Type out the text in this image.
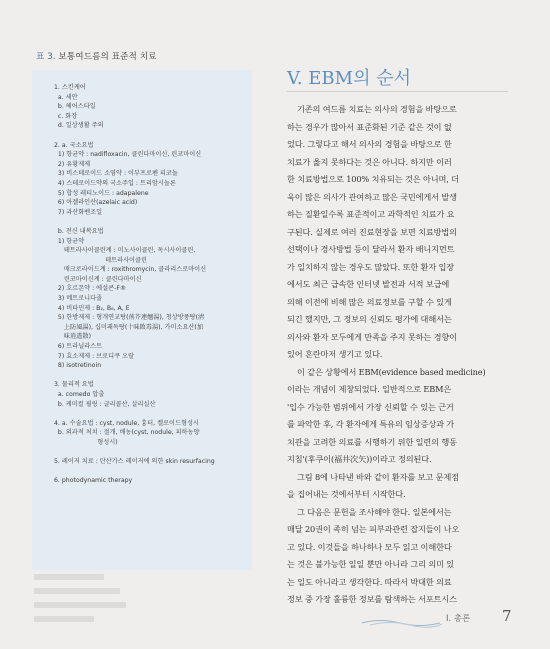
표 3. 보통여드름의 표준적 치료
1. 스킨케어
a. 세안
b. 헤어스타일
c. 화장
d. 일상생활 주의
2. a. 국소요법
1) 항균약 : nadifloxacin, 클린다마이신, 린코마이신
2) 유황제제
3) 비스테로이드 소염약 : 이부프로펜 피코놀
4) 스테로이드약의 국소주입 : 트리암시놀론
5) 합성 레티노이드 : adapalene
6) 아젤라인산(azelaic acid)
7) 과산화벤조일
b. 전신 내복요법
1) 항균약
테트라사이클린계 : 미노사이클린, 독시사이클린,
테트라사이클린
매크로라이드계 : roxithromycin, 클라리스로마이신
린코마이신계 : 클린다마이신
2) 호르몬약 : 에설콘-F®
3) 메트로니다졸
4) 비타민제 : B₂, B₆, A, E
5) 한방제제 : 형개연교탕(荊芥連翹湯), 청상방풍탕(淸
上防風湯), 십미패독탕(十味敗毒湯), 가미소요산(加
味逍遙散)
6) 트라닐라스트
7) 효소제제 : 브로디쿠 오랄
8) isotretinoin
3. 물리적 요법
a. comedo 압출
b. 케미컬 필링 : 글리콜산, 살리실산
4. a. 수술요법 : cyst, nodule, 흉터, 켈로이드형성시
b. 외과적 처치 : 절개, 배농(cyst, nodule, 피하농양
형성시)
5. 레이저 치료 : 탄산가스 레이저에 의한 skin resurfacing
6. photodynamic therapy
V. EBM의 순서
기존의 여드름 치료는 의사의 경험을 바탕으로
하는 경우가 많아서 표준화된 기준 같은 것이 없
었다. 그렇다고 해서 의사의 경험을 바탕으로 한
치료가 옳지 못하다는 것은 아니다. 하지만 이러
한 치료방법으로 100% 치유되는 것은 아니며, 더
욱이 많은 의사가 관여하고 많은 국민에게서 발생
하는 질환일수록 표준적이고 과학적인 치료가 요
구된다. 실제로 여러 진료현장을 보면 치료방법의
선택이나 경사방법 등이 달라서 환자 배니지먼트
가 일치하지 않는 경우도 많았다. 또한 환자 입장
에서도 최근 급속한 인터넷 발전과 서적 보급에
의해 이전에 비해 많은 의료정보를 구할 수 있게
되긴 했지만, 그 정보의 신뢰도 평가에 대해서는
의사와 환자 모두에게 만족을 주지 못하는 경향이
있어 혼란마저 생기고 있다.
이 같은 상황에서 EBM(evidence based medicine)
이라는 개념이 제창되었다. 일반적으로 EBM은
'입수 가능한 범위에서 가장 신뢰할 수 있는 근거
를 파악한 후, 각 환자에게 특유의 임상증상과 가
치관을 고려한 의료를 시행하기 위한 일련의 행동
지침'(후쿠이(福井次矢))이라고 정의된다.
그림 8에 나타낸 바와 같이 환자를 보고 문제점
을 집어내는 것에서부터 시작한다.
그 다음은 문헌을 조사해야 한다. 일본에서는
매달 20권이 족히 넘는 피부과관련 잡지들이 나오
고 있다. 이것들을 하나하나 모두 읽고 이해한다
는 것은 불가능한 일일 뿐만 아니라 그리 의미 있
는 일도 아니라고 생각한다. 따라서 박대한 의료
정보 중 가장 훌륭한 정보를 탐색하는 서포트시스
I. 총론 7
